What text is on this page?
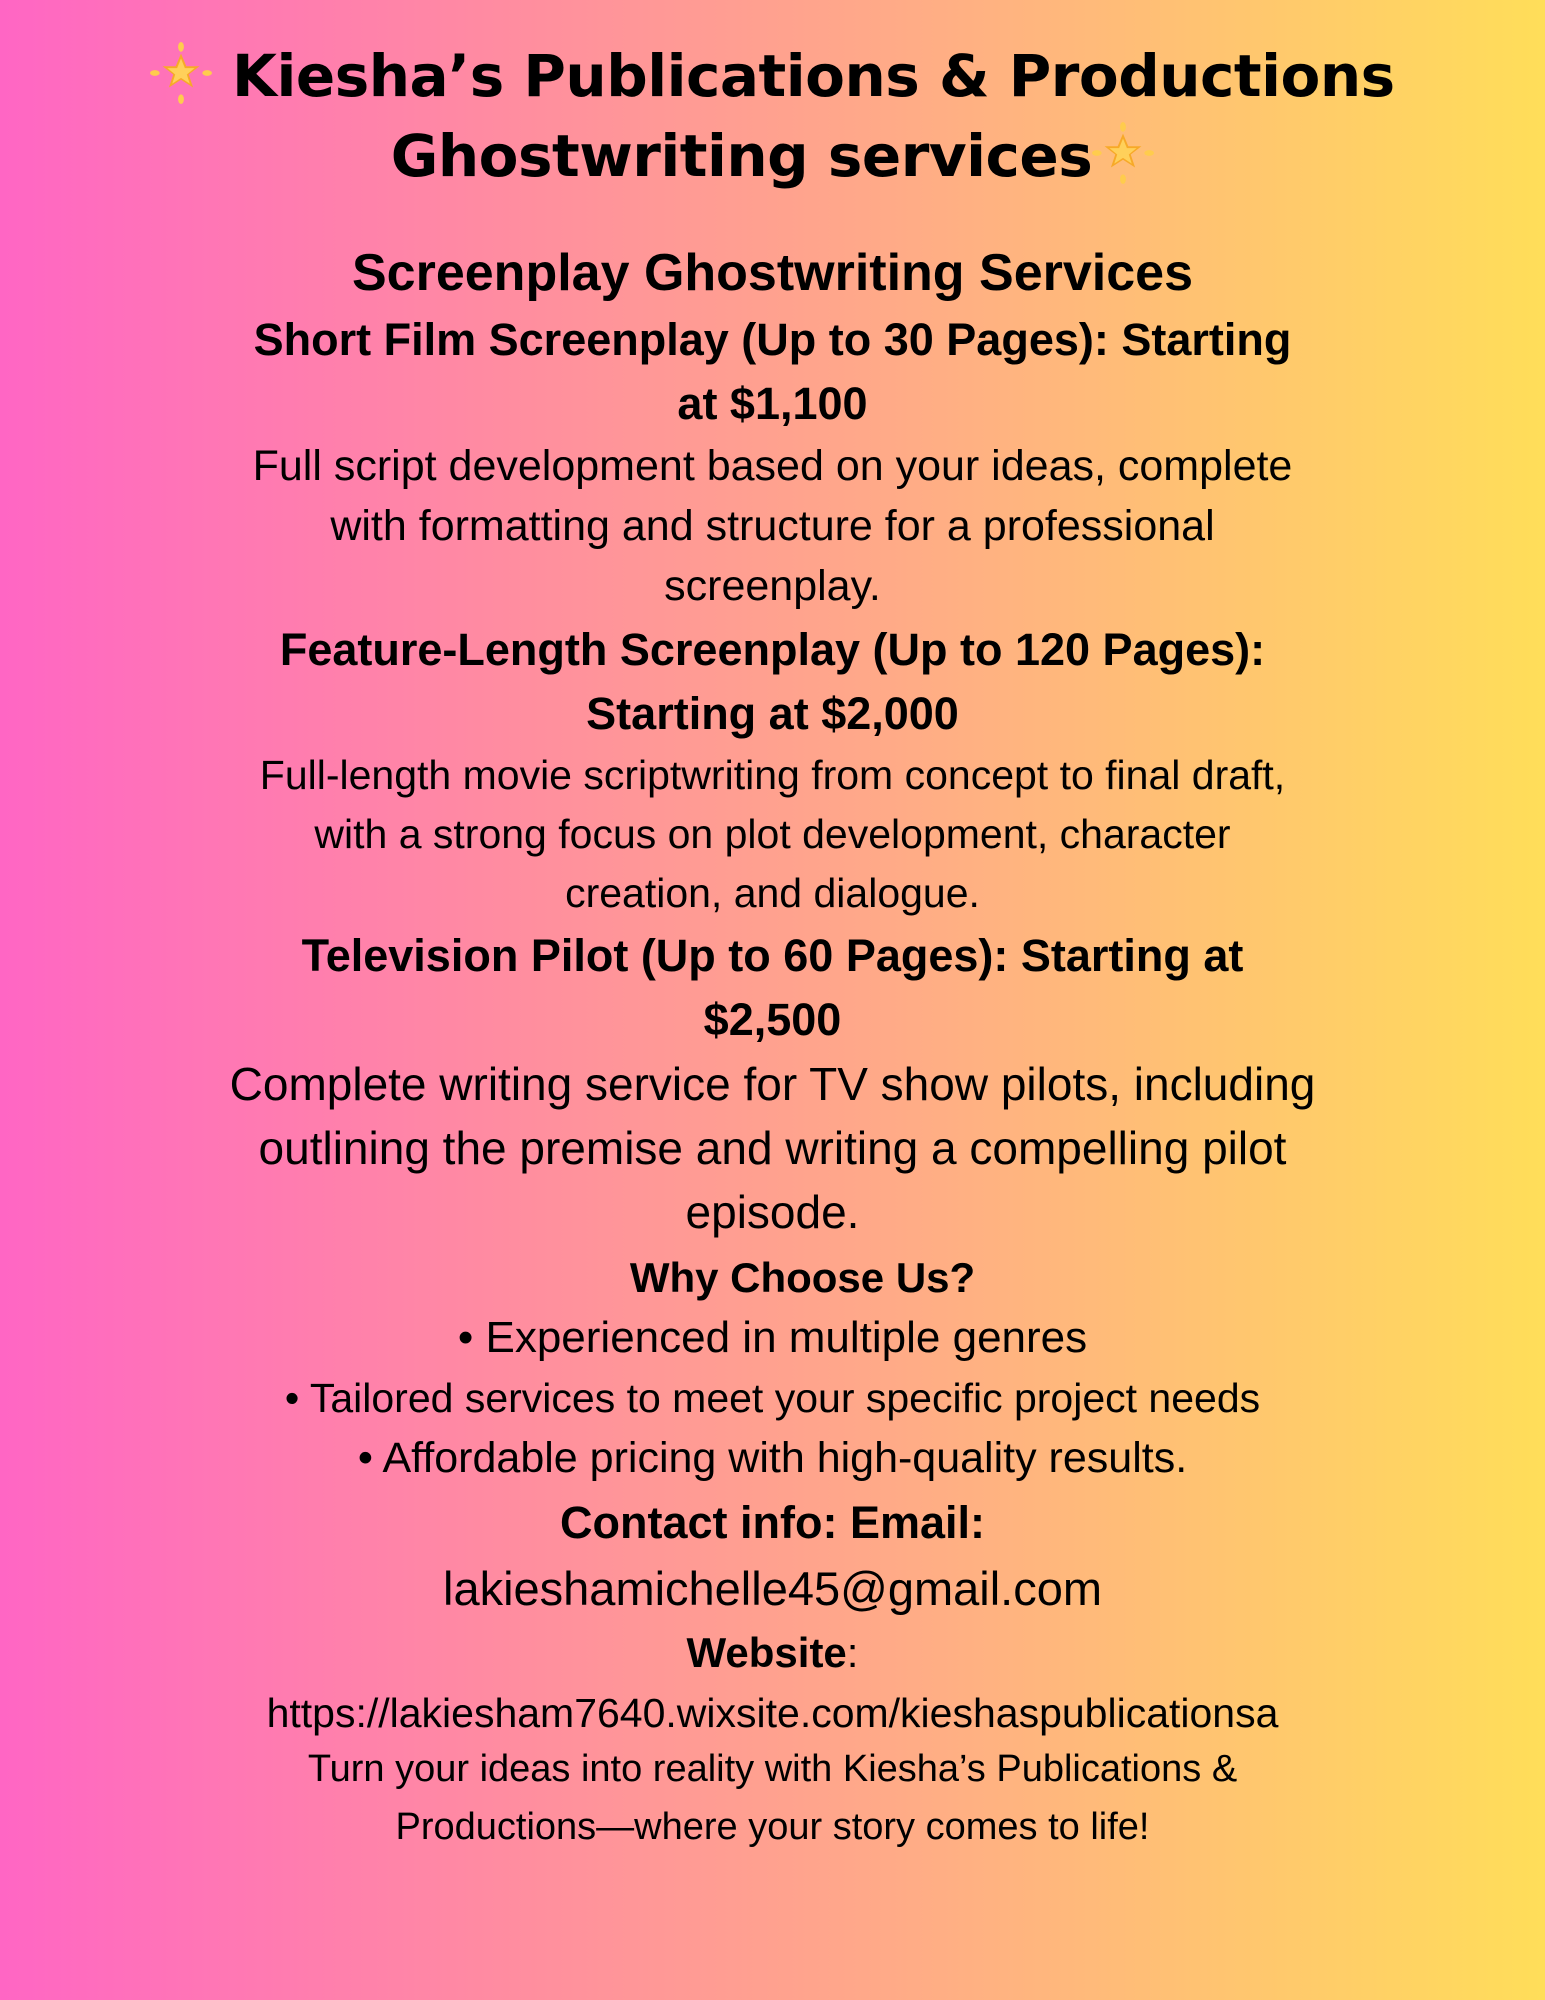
Kiesha’s Publications & Productions
Ghostwriting services
Screenplay Ghostwriting Services
Short Film Screenplay (Up to 30 Pages): Starting
at $1,100
Full script development based on your ideas, complete
with formatting and structure for a professional
screenplay.
Feature-Length Screenplay (Up to 120 Pages):
Starting at $2,000
Full-length movie scriptwriting from concept to final draft,
with a strong focus on plot development, character
creation, and dialogue.
Television Pilot (Up to 60 Pages): Starting at
$2,500
Complete writing service for TV show pilots, including
outlining the premise and writing a compelling pilot
episode.
Why Choose Us?
• Experienced in multiple genres
• Tailored services to meet your specific project needs
• Affordable pricing with high-quality results.
Contact info: Email:
lakieshamichelle45@gmail.com
Website:
https://lakiesham7640.wixsite.com/kieshaspublicationsa
Turn your ideas into reality with Kiesha’s Publications &
Productions—where your story comes to life!
